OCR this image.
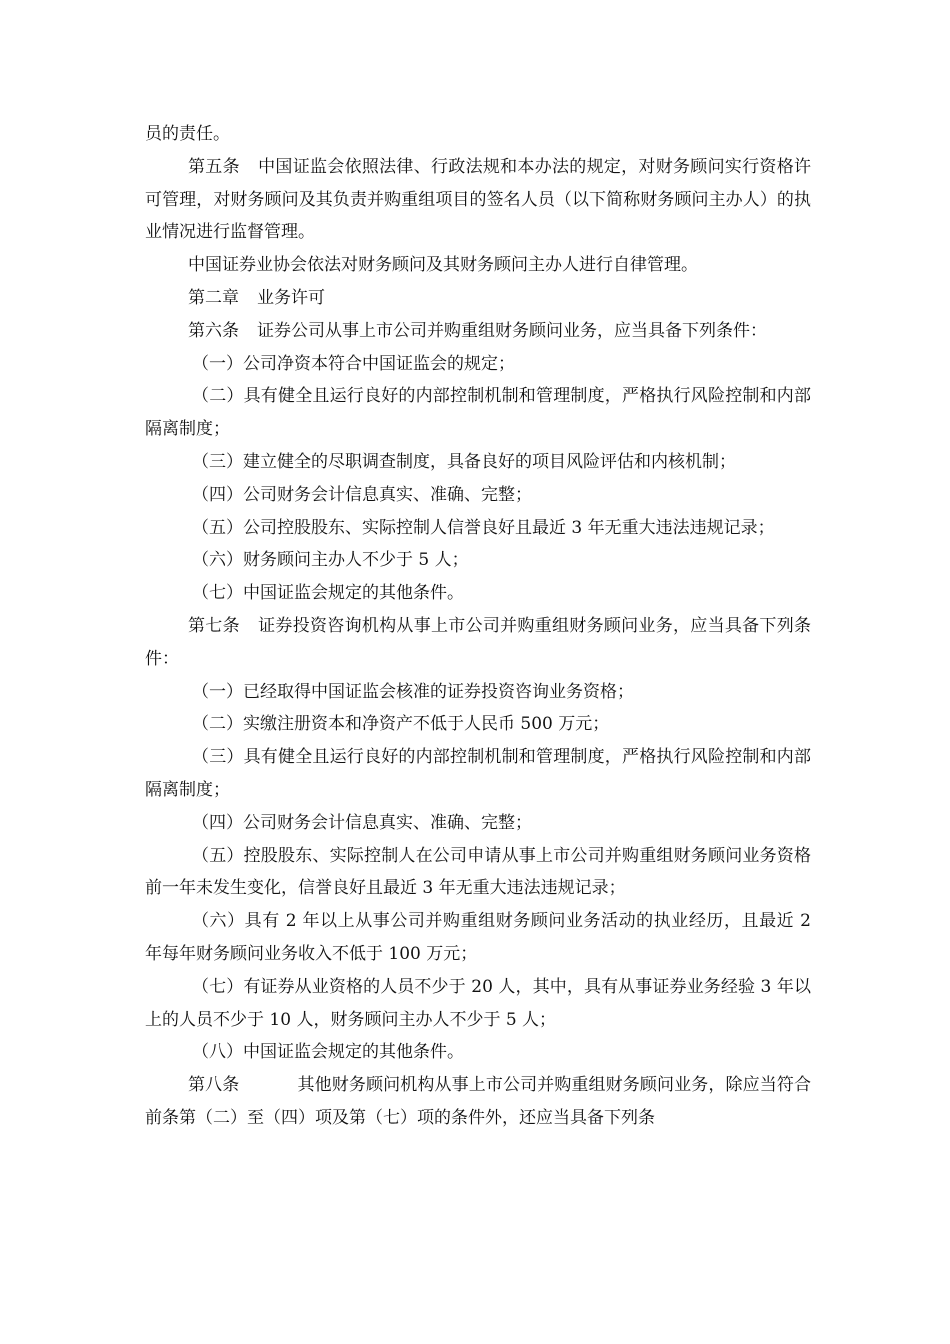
员的责任。

第五条 中国证监会依照法律、行政法规和本办法的规定，对财务顾问实行资格许可管理，对财务顾问及其负责并购重组项目的签名人员（以下简称财务顾问主办人）的执业情况进行监督管理。

中国证券业协会依法对财务顾问及其财务顾问主办人进行自律管理。

第二章 业务许可

第六条 证券公司从事上市公司并购重组财务顾问业务，应当具备下列条件：

（一）公司净资本符合中国证监会的规定；

（二）具有健全且运行良好的内部控制机制和管理制度，严格执行风险控制和内部隔离制度；

（三）建立健全的尽职调查制度，具备良好的项目风险评估和内核机制；

（四）公司财务会计信息真实、准确、完整；

（五）公司控股股东、实际控制人信誉良好且最近 3 年无重大违法违规记录；

（六）财务顾问主办人不少于 5 人；

（七）中国证监会规定的其他条件。

第七条 证券投资咨询机构从事上市公司并购重组财务顾问业务，应当具备下列条件：

（一）已经取得中国证监会核准的证券投资咨询业务资格；

（二）实缴注册资本和净资产不低于人民币 500 万元；

（三）具有健全且运行良好的内部控制机制和管理制度，严格执行风险控制和内部隔离制度；

（四）公司财务会计信息真实、准确、完整；

（五）控股股东、实际控制人在公司申请从事上市公司并购重组财务顾问业务资格前一年未发生变化，信誉良好且最近 3 年无重大违法违规记录；

（六）具有 2 年以上从事公司并购重组财务顾问业务活动的执业经历，且最近 2 年每年财务顾问业务收入不低于 100 万元；

（七）有证券从业资格的人员不少于 20 人，其中，具有从事证券业务经验 3 年以上的人员不少于 10 人，财务顾问主办人不少于 5 人；

（八）中国证监会规定的其他条件。

第八条	其他财务顾问机构从事上市公司并购重组财务顾问业务，除应当符合前条第（二）至（四）项及第（七）项的条件外，还应当具备下列条
